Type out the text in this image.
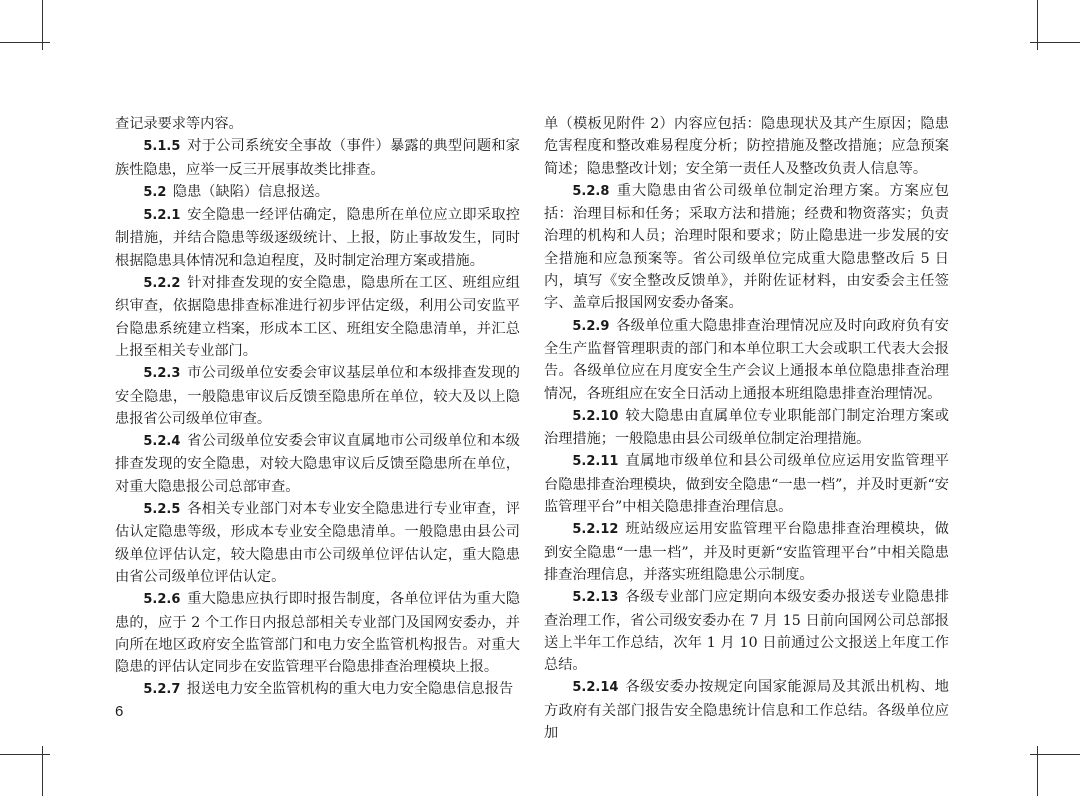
查记录要求等内容。

5.1.5 对于公司系统安全事故（事件）暴露的典型问题和家族性隐患，应举一反三开展事故类比排查。

5.2 隐患（缺陷）信息报送。

5.2.1 安全隐患一经评估确定，隐患所在单位应立即采取控制措施，并结合隐患等级逐级统计、上报，防止事故发生，同时根据隐患具体情况和急迫程度，及时制定治理方案或措施。

5.2.2 针对排查发现的安全隐患，隐患所在工区、班组应组织审查，依据隐患排查标准进行初步评估定级，利用公司安监平台隐患系统建立档案，形成本工区、班组安全隐患清单，并汇总上报至相关专业部门。

5.2.3 市公司级单位安委会审议基层单位和本级排查发现的安全隐患，一般隐患审议后反馈至隐患所在单位，较大及以上隐患报省公司级单位审查。

5.2.4 省公司级单位安委会审议直属地市公司级单位和本级排查发现的安全隐患，对较大隐患审议后反馈至隐患所在单位，对重大隐患报公司总部审查。

5.2.5 各相关专业部门对本专业安全隐患进行专业审查，评估认定隐患等级，形成本专业安全隐患清单。一般隐患由县公司级单位评估认定，较大隐患由市公司级单位评估认定，重大隐患由省公司级单位评估认定。

5.2.6 重大隐患应执行即时报告制度，各单位评估为重大隐患的，应于 2 个工作日内报总部相关专业部门及国网安委办，并向所在地区政府安全监管部门和电力安全监管机构报告。对重大隐患的评估认定同步在安监管理平台隐患排查治理模块上报。

5.2.7 报送电力安全监管机构的重大电力安全隐患信息报告

单（模板见附件 2）内容应包括：隐患现状及其产生原因；隐患危害程度和整改难易程度分析；防控措施及整改措施；应急预案简述；隐患整改计划；安全第一责任人及整改负责人信息等。

5.2.8 重大隐患由省公司级单位制定治理方案。方案应包括：治理目标和任务；采取方法和措施；经费和物资落实；负责治理的机构和人员；治理时限和要求；防止隐患进一步发展的安全措施和应急预案等。省公司级单位完成重大隐患整改后 5 日内，填写《安全整改反馈单》，并附佐证材料，由安委会主任签字、盖章后报国网安委办备案。

5.2.9 各级单位重大隐患排查治理情况应及时向政府负有安全生产监督管理职责的部门和本单位职工大会或职工代表大会报告。各级单位应在月度安全生产会议上通报本单位隐患排查治理情况，各班组应在安全日活动上通报本班组隐患排查治理情况。

5.2.10 较大隐患由直属单位专业职能部门制定治理方案或治理措施；一般隐患由县公司级单位制定治理措施。

5.2.11 直属地市级单位和县公司级单位应运用安监管理平台隐患排查治理模块，做到安全隐患“一患一档”，并及时更新“安监管理平台”中相关隐患排查治理信息。

5.2.12 班站级应运用安监管理平台隐患排查治理模块，做到安全隐患“一患一档”，并及时更新“安监管理平台”中相关隐患排查治理信息，并落实班组隐患公示制度。

5.2.13 各级专业部门应定期向本级安委办报送专业隐患排查治理工作，省公司级安委办在 7 月 15 日前向国网公司总部报送上半年工作总结，次年 1 月 10 日前通过公文报送上年度工作总结。

5.2.14 各级安委办按规定向国家能源局及其派出机构、地方政府有关部门报告安全隐患统计信息和工作总结。各级单位应加

6
